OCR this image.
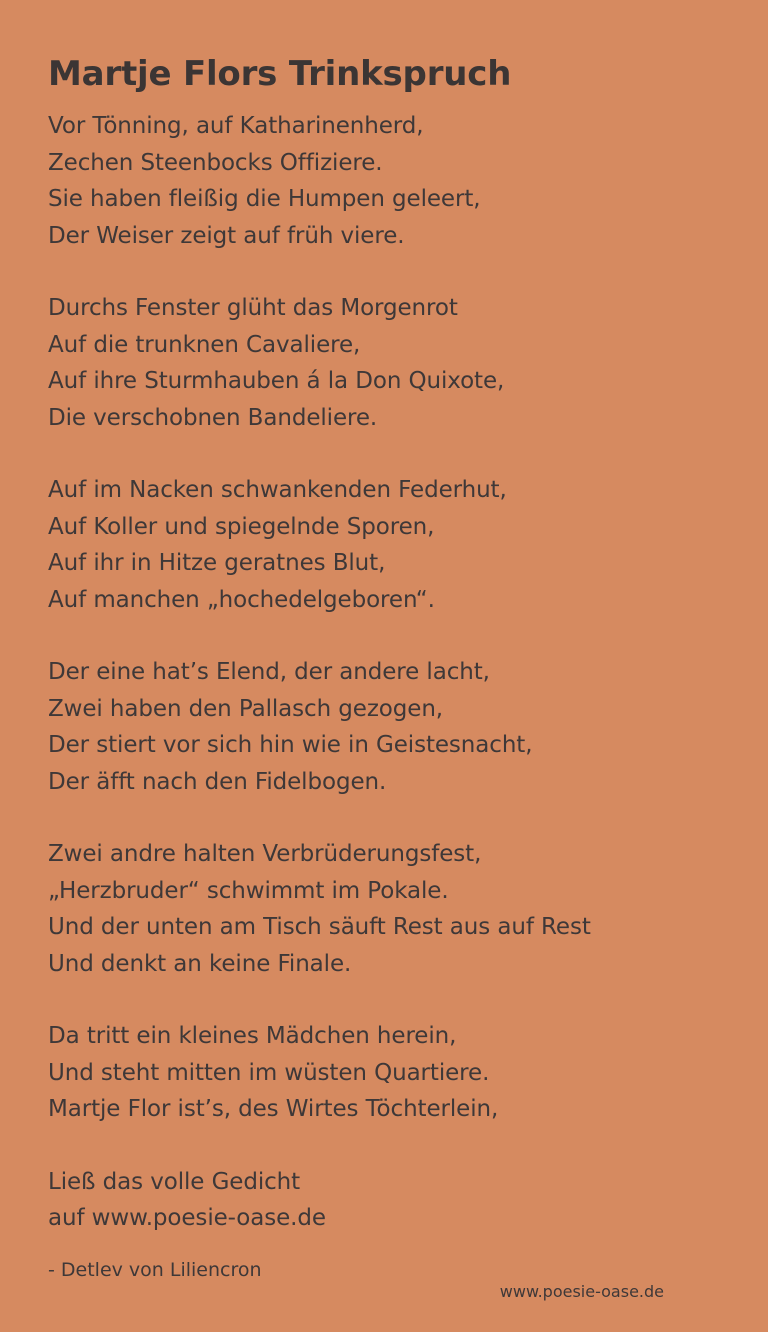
Martje Flors Trinkspruch
Vor Tönning, auf Katharinenherd,
Zechen Steenbocks Offiziere.
Sie haben fleißig die Humpen geleert,
Der Weiser zeigt auf früh viere.
Durchs Fenster glüht das Morgenrot
Auf die trunknen Cavaliere,
Auf ihre Sturmhauben á la Don Quixote,
Die verschobnen Bandeliere.
Auf im Nacken schwankenden Federhut,
Auf Koller und spiegelnde Sporen,
Auf ihr in Hitze geratnes Blut,
Auf manchen „hochedelgeboren“.
Der eine hat’s Elend, der andere lacht,
Zwei haben den Pallasch gezogen,
Der stiert vor sich hin wie in Geistesnacht,
Der äfft nach den Fidelbogen.
Zwei andre halten Verbrüderungsfest,
„Herzbruder“ schwimmt im Pokale.
Und der unten am Tisch säuft Rest aus auf Rest
Und denkt an keine Finale.
Da tritt ein kleines Mädchen herein,
Und steht mitten im wüsten Quartiere.
Martje Flor ist’s, des Wirtes Töchterlein,
Ließ das volle Gedicht
auf www.poesie-oase.de
- Detlev von Liliencron
www.poesie-oase.de
